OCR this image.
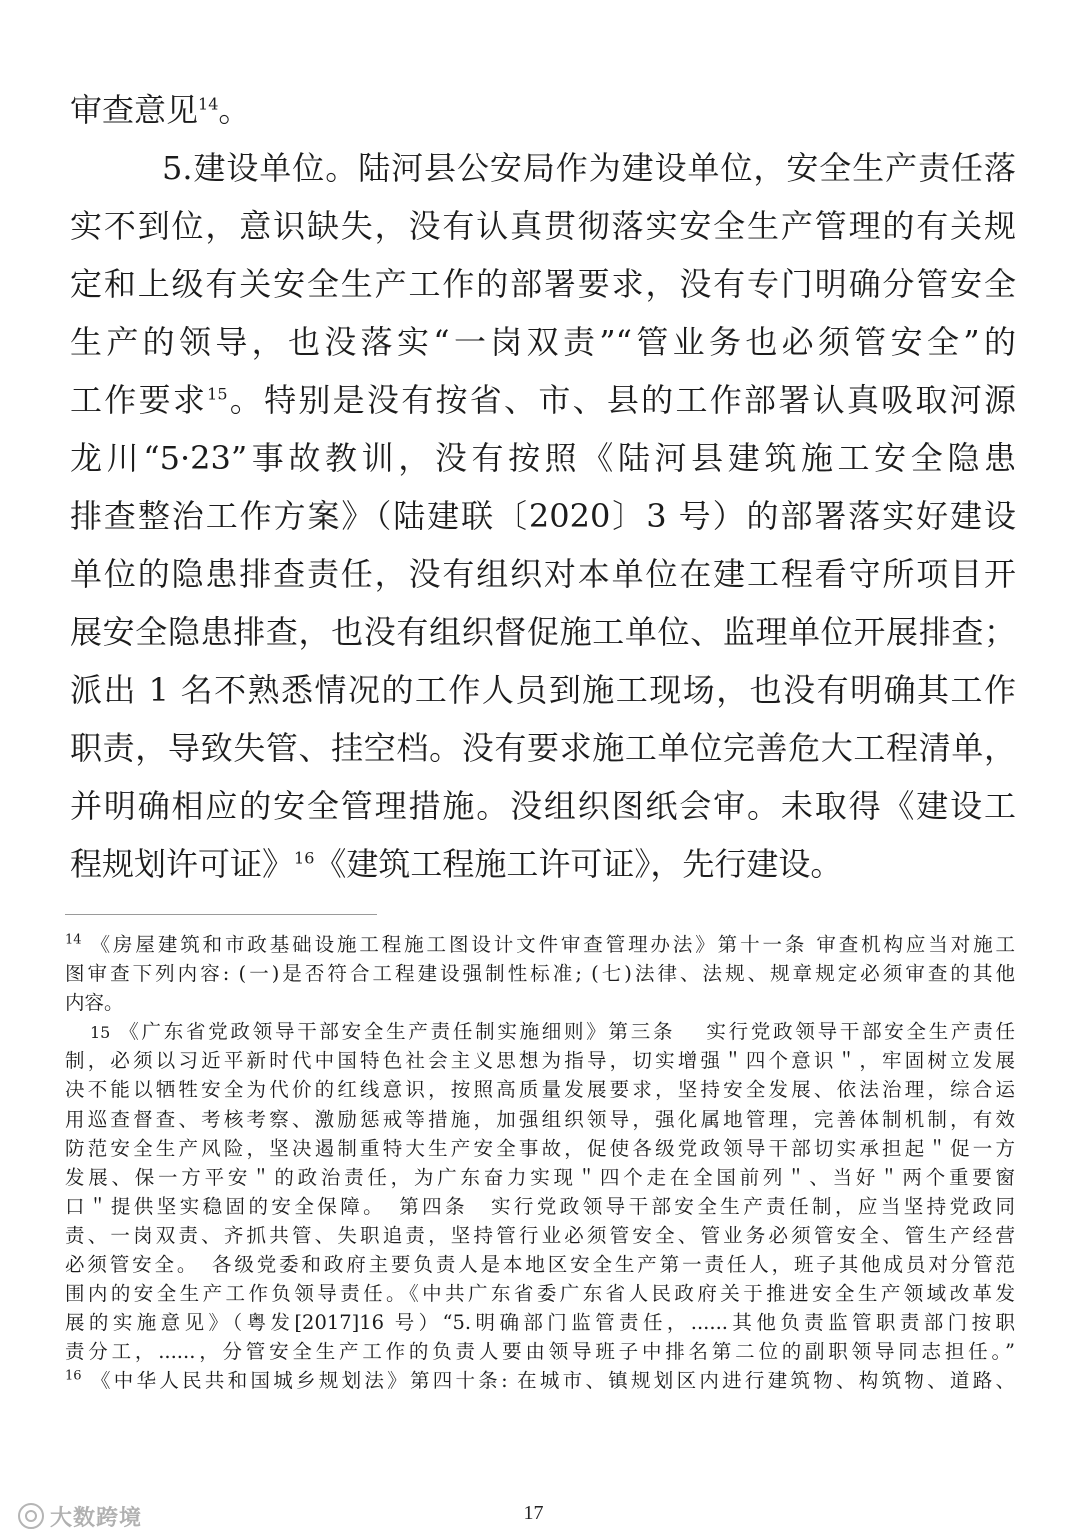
审查意见$^{14}$。
5.建设单位。陆河县公安局作为建设单位，安全生产责任落
实不到位，意识缺失，没有认真贯彻落实安全生产管理的有关规
定和上级有关安全生产工作的部署要求，没有专门明确分管安全
生产的领导，也没落实“一岗双责”“管业务也必须管安全”的
工作要求$^{15}$。特别是没有按省、市、县的工作部署认真吸取河源
龙川“5·23”事故教训，没有按照《陆河县建筑施工安全隐患
排查整治工作方案》（陆建联〔2020〕3 号）的部署落实好建设
单位的隐患排查责任，没有组织对本单位在建工程看守所项目开
展安全隐患排查，也没有组织督促施工单位、监理单位开展排查；
派出 1 名不熟悉情况的工作人员到施工现场，也没有明确其工作
职责，导致失管、挂空档。没有要求施工单位完善危大工程清单，
并明确相应的安全管理措施。没组织图纸会审。未取得《建设工
程规划许可证》$^{16}$《建筑工程施工许可证》，先行建设。
$^{14}$ 《房屋建筑和市政基础设施工程施工图设计文件审查管理办法》第十一条 审查机构应当对施工
图审查下列内容: (一)是否符合工程建设强制性标准; (七)法律、法规、规章规定必须审查的其他
内容。
15 《广东省党政领导干部安全生产责任制实施细则》第三条　 实行党政领导干部安全生产责任
制，必须以习近平新时代中国特色社会主义思想为指导，切实增强＂四个意识＂，牢固树立发展
决不能以牺牲安全为代价的红线意识，按照高质量发展要求，坚持安全发展、依法治理，综合运
用巡查督查、考核考察、激励惩戒等措施，加强组织领导，强化属地管理，完善体制机制，有效
防范安全生产风险，坚决遏制重特大生产安全事故，促使各级党政领导干部切实承担起＂促一方
发展、保一方平安＂的政治责任，为广东奋力实现＂四个走在全国前列＂、当好＂两个重要窗
口＂提供坚实稳固的安全保障。　第四条　实行党政领导干部安全生产责任制，应当坚持党政同
责、一岗双责、齐抓共管、失职追责，坚持管行业必须管安全、管业务必须管安全、管生产经营
必须管安全。　各级党委和政府主要负责人是本地区安全生产第一责任人，班子其他成员对分管范
围内的安全生产工作负领导责任。《中共广东省委广东省人民政府关于推进安全生产领域改革发
展的实施意见》（粤发[2017]16 号）“5.明确部门监管责任，......其他负责监管职责部门按职
责分工，......，分管安全生产工作的负责人要由领导班子中排名第二位的副职领导同志担任。”
$^{16}$ 《中华人民共和国城乡规划法》第四十条: 在城市、镇规划区内进行建筑物、构筑物、道路、
大数跨境	17
